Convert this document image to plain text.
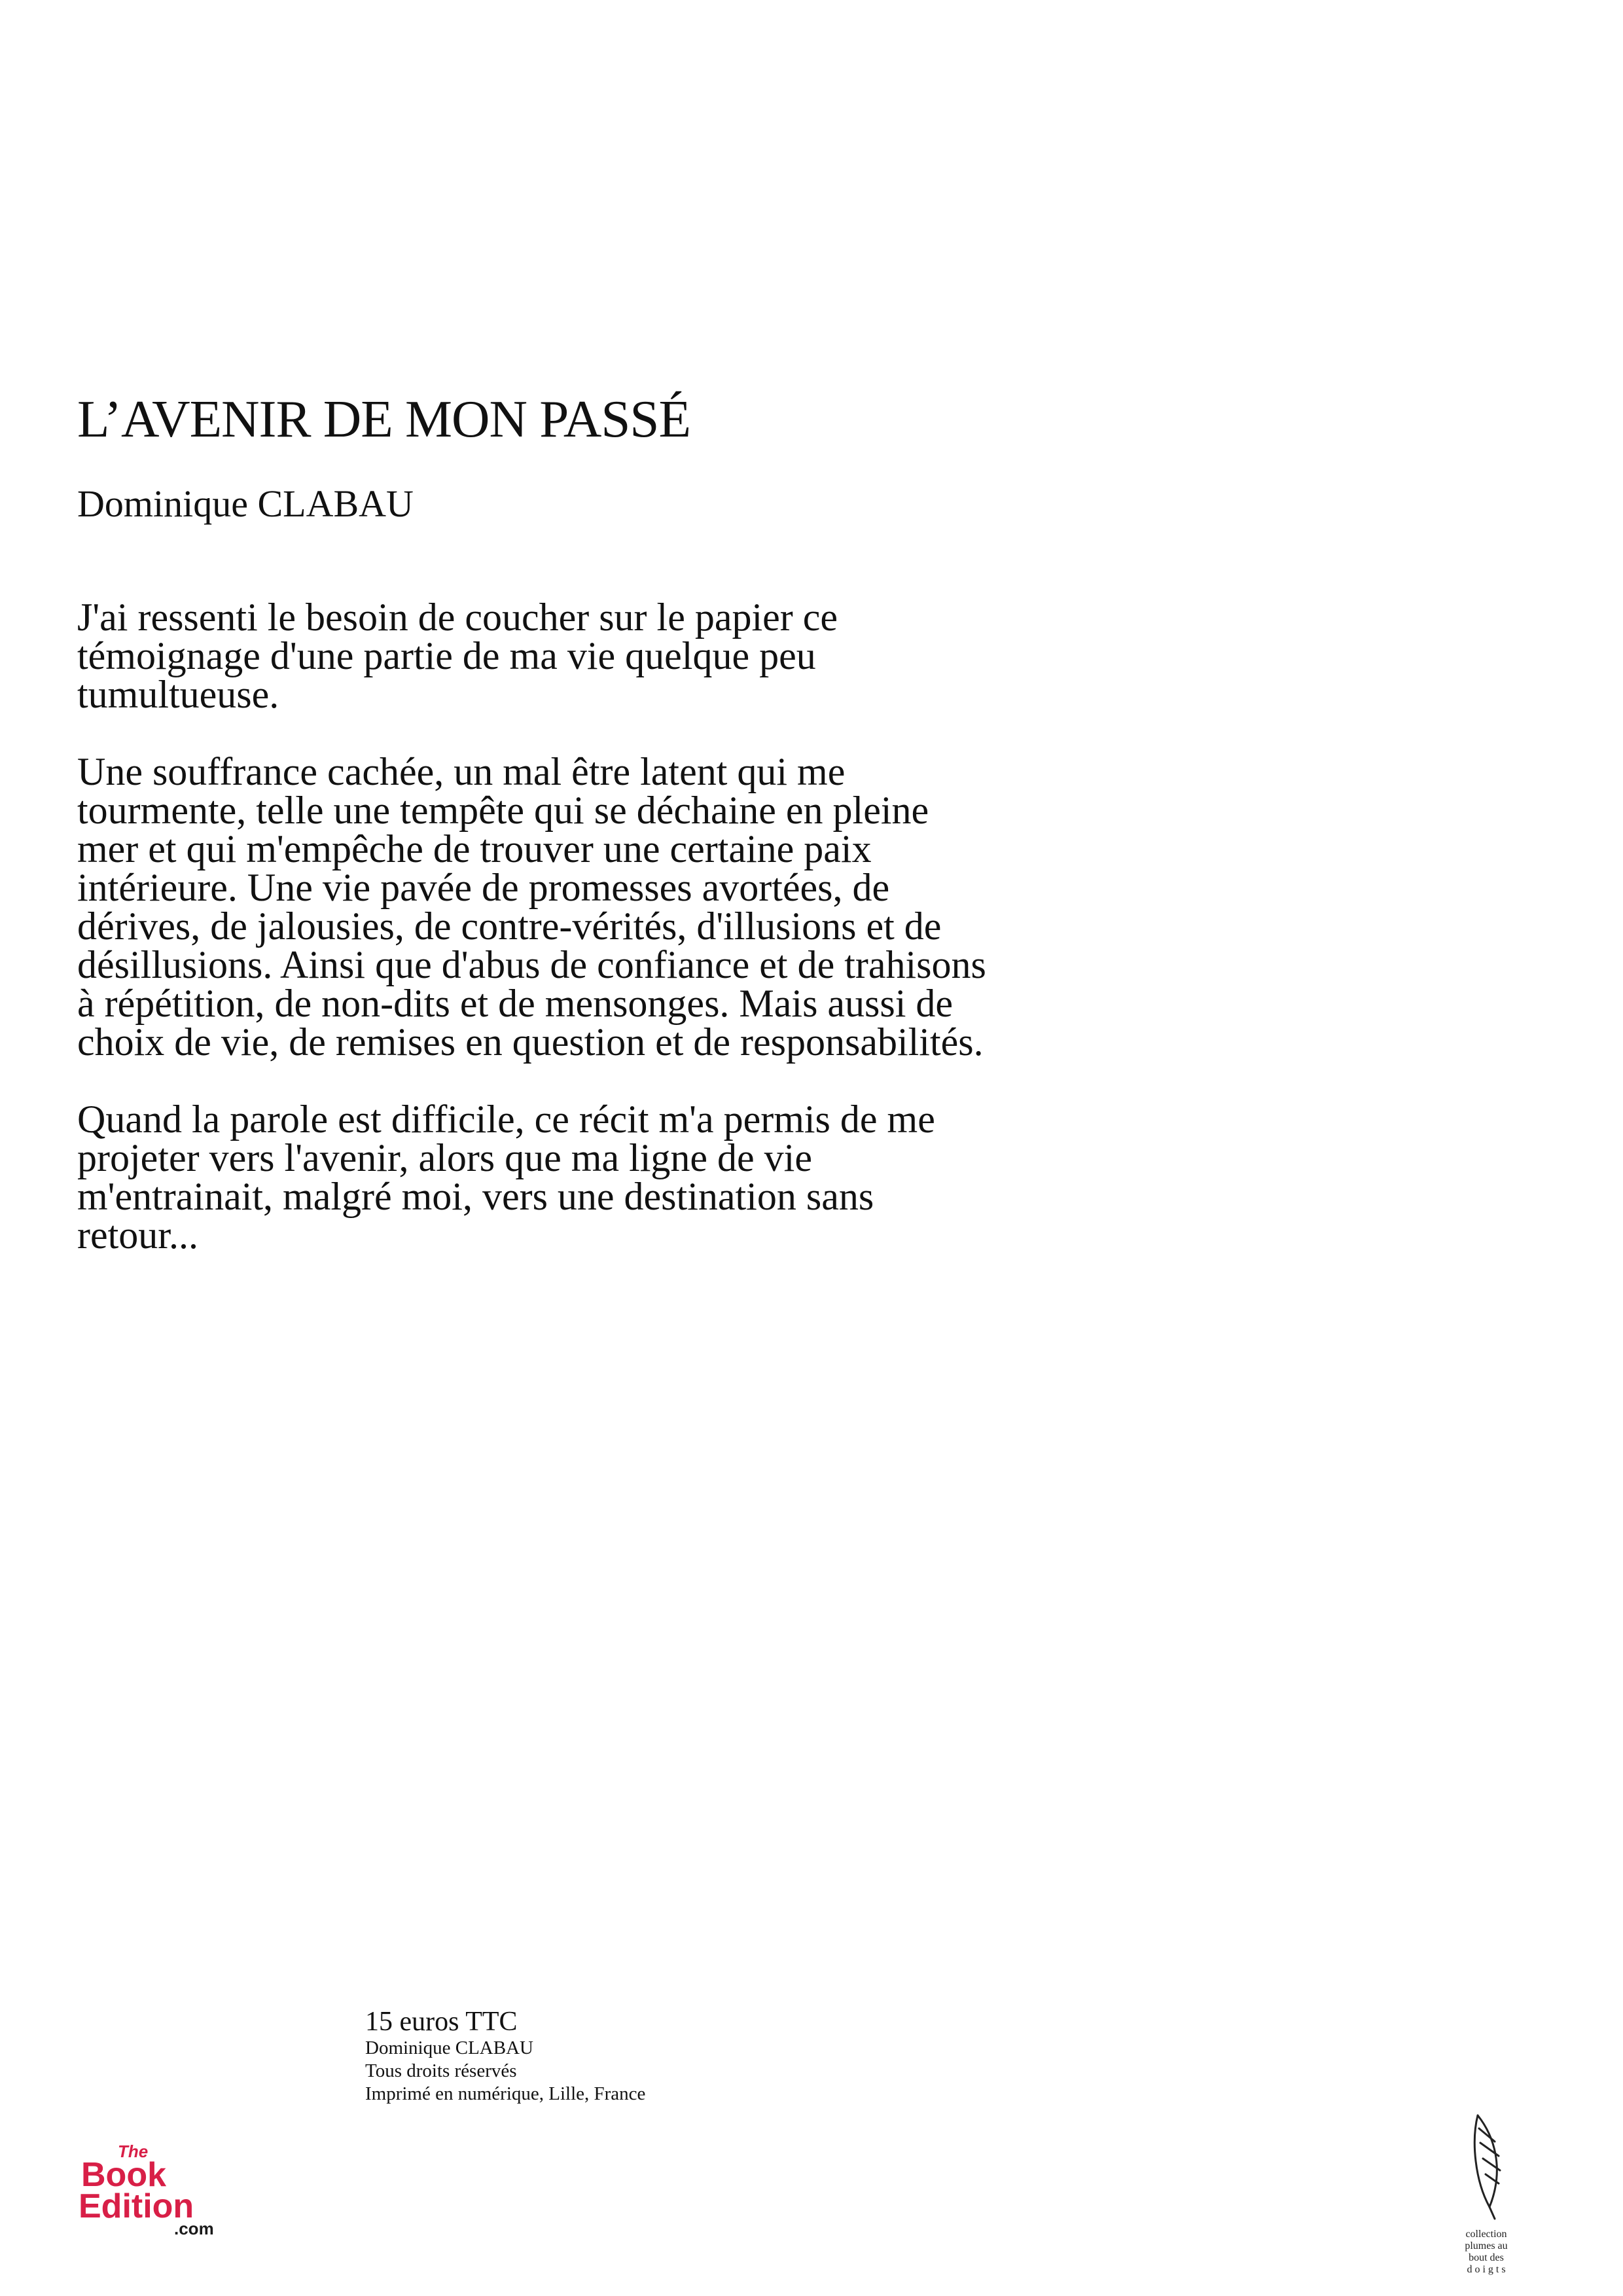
L’AVENIR DE MON PASSÉ
Dominique CLABAU

J'ai ressenti le besoin de coucher sur le papier ce
témoignage d'une partie de ma vie quelque peu
tumultueuse.

Une souffrance cachée, un mal être latent qui me
tourmente, telle une tempête qui se déchaine en pleine
mer et qui m'empêche de trouver une certaine paix
intérieure. Une vie pavée de promesses avortées, de
dérives, de jalousies, de contre-vérités, d'illusions et de
désillusions. Ainsi que d'abus de confiance et de trahisons
à répétition, de non-dits et de mensonges. Mais aussi de
choix de vie, de remises en question et de responsabilités.

Quand la parole est difficile, ce récit m'a permis de me
projeter vers l'avenir, alors que ma ligne de vie
m'entrainait, malgré moi, vers une destination sans
retour...

15 euros TTC
Dominique CLABAU
Tous droits réservés
Imprimé en numérique, Lille, France
The
Book
Edition
.com	collection
plumes au
bout des
d o i g t s
